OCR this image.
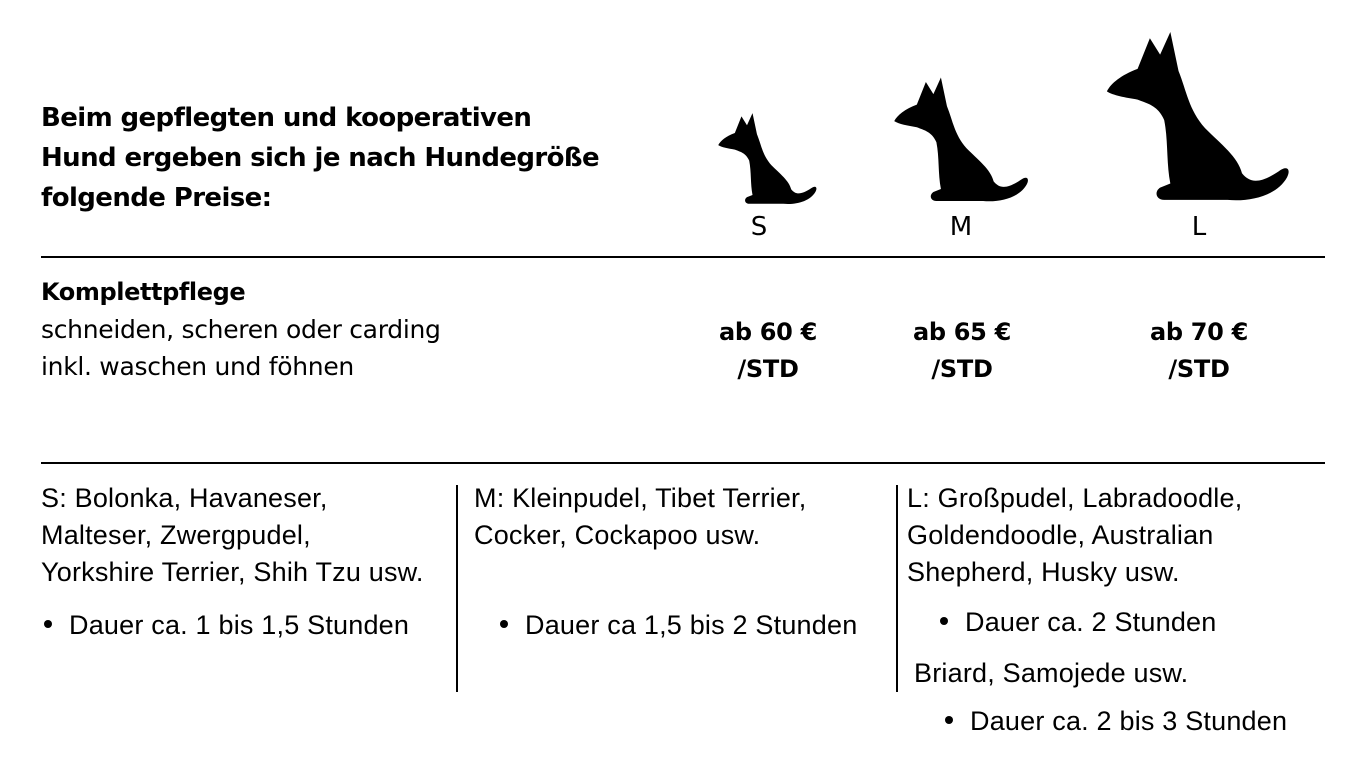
Beim gepflegten und kooperativen
Hund ergeben sich je nach Hundegröße
folgende Preise:
S	M	L
Komplettpflege
schneiden, scheren oder carding
inkl. waschen und föhnen
ab 60 €
/STD
ab 65 €
/STD
ab 70 €
/STD
S: Bolonka, Havaneser,
Malteser, Zwergpudel,
Yorkshire Terrier, Shih Tzu usw.
Dauer ca. 1 bis 1,5 Stunden
M: Kleinpudel, Tibet Terrier,
Cocker, Cockapoo usw.
Dauer ca 1,5 bis 2 Stunden
L: Großpudel, Labradoodle,
Goldendoodle, Australian
Shepherd, Husky usw.
Dauer ca. 2 Stunden
Briard, Samojede usw.
Dauer ca. 2 bis 3 Stunden
